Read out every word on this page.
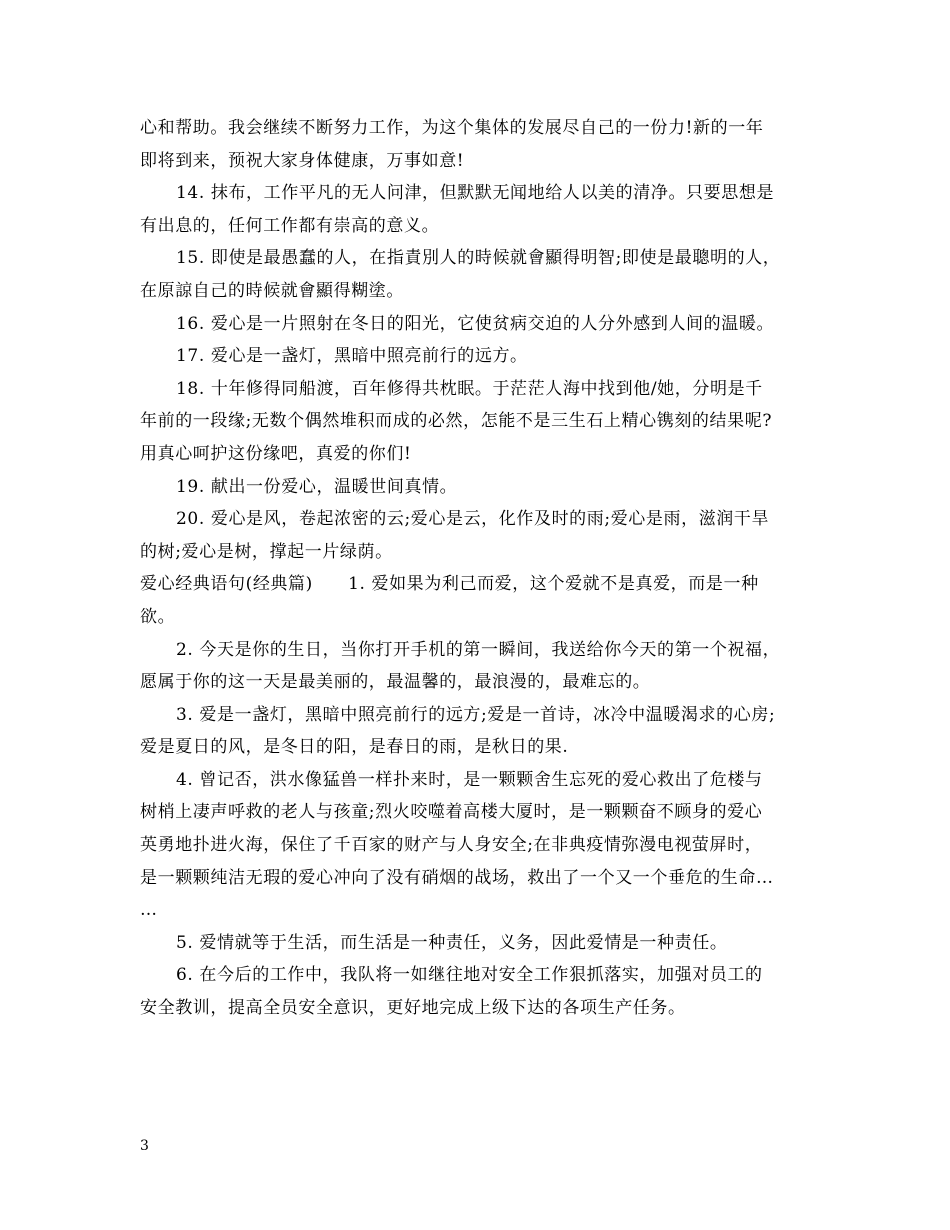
心和帮助。我会继续不断努力工作，为这个集体的发展尽自己的一份力!新的一年
即将到来，预祝大家身体健康，万事如意!
14. 抹布，工作平凡的无人问津，但默默无闻地给人以美的清净。只要思想是
有出息的，任何工作都有崇高的意义。
15. 即使是最愚蠢的人，在指責別人的時候就會顯得明智;即使是最聰明的人，
在原諒自己的時候就會顯得糊塗。
16. 爱心是一片照射在冬日的阳光，它使贫病交迫的人分外感到人间的温暖。
17. 爱心是一盏灯，黑暗中照亮前行的远方。
18. 十年修得同船渡，百年修得共枕眠。于茫茫人海中找到他/她，分明是千
年前的一段缘;无数个偶然堆积而成的必然，怎能不是三生石上精心镌刻的结果呢?
用真心呵护这份缘吧，真爱的你们!
19. 献出一份爱心，温暖世间真情。
20. 爱心是风，卷起浓密的云;爱心是云，化作及时的雨;爱心是雨，滋润干旱
的树;爱心是树，撑起一片绿荫。
爱心经典语句(经典篇)　　1. 爱如果为利己而爱，这个爱就不是真爱，而是一种
欲。
2. 今天是你的生日，当你打开手机的第一瞬间，我送给你今天的第一个祝福，
愿属于你的这一天是最美丽的，最温馨的，最浪漫的，最难忘的。
3. 爱是一盏灯，黑暗中照亮前行的远方;爱是一首诗，冰冷中温暖渴求的心房;
爱是夏日的风，是冬日的阳，是春日的雨，是秋日的果.
4. 曾记否，洪水像猛兽一样扑来时，是一颗颗舍生忘死的爱心救出了危楼与
树梢上凄声呼救的老人与孩童;烈火咬噬着高楼大厦时，是一颗颗奋不顾身的爱心
英勇地扑进火海，保住了千百家的财产与人身安全;在非典疫情弥漫电视萤屏时，
是一颗颗纯洁无瑕的爱心冲向了没有硝烟的战场，救出了一个又一个垂危的生命…
…
5. 爱情就等于生活，而生活是一种责任，义务，因此爱情是一种责任。
6. 在今后的工作中，我队将一如继往地对安全工作狠抓落实，加强对员工的
安全教训，提高全员安全意识，更好地完成上级下达的各项生产任务。
3
